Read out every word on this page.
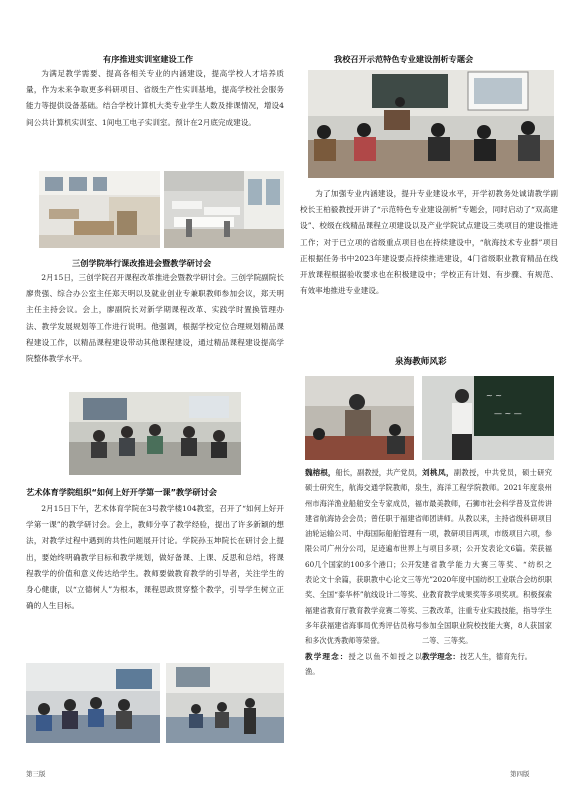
有序推进实训室建设工作
为满足教学需要、提高各相关专业的内涵建设，提高学校人才培养质量，作为未来争取更多科研项目、省级生产性实训基地，提高学校社会服务能力等提供设备基础。结合学校计算机大类专业学生人数及排课情况，增设4间公共计算机实训室、1间电工电子实训室。预计在2月底完成建设。
三创学院举行课改推进会暨教学研讨会
2月15日，三创学院召开课程改革推进会暨教学研讨会。三创学院副院长廖贵强、综合办公室主任郑天明以及就业创业专兼职教师参加会议，郑天明主任主持会议。会上，廖副院长对新学期课程改革、实践学时置换管理办法、教学发展规划等工作进行说明。他强调，根据学校定位合理规划精品课程建设工作，以精品课程建设带动其他课程建设，通过精品课程建设提高学院整体教学水平。
艺术体育学院组织“如何上好开学第一课”教学研讨会
2月15日下午，艺术体育学院在3号教学楼104教室，召开了“如何上好开学第一课”的教学研讨会。会上，教师分享了教学经验，提出了许多新颖的想法，对教学过程中遇到的共性问题展开讨论。学院孙玉坤院长在研讨会上提出，要始终明确教学目标和教学规划，做好备课、上课、反思和总结，将课程教学的价值和意义传达给学生。教师要做教育教学的引导者，关注学生的身心健康，以“立德树人”为根本，课程思政贯穿整个教学，引导学生树立正确的人生目标。
我校召开示范特色专业建设剖析专题会
为了加强专业内涵建设，提升专业建设水平，开学初教务处诚请教学副校长王柏毅教授开讲了“示范特色专业建设剖析”专题会，同时启动了“双高建设”、校级在线精品课程立项建设以及产业学院试点建设三类项目的建设推进工作；对于已立项的省级重点项目也在持续建设中，“航海技术专业群”项目正根据任务书中2023年建设要点持续推进建设，4门省级职业教育精品在线开放课程根据验收要求也在积极建设中；学校正有计划、有步骤、有规范、有效率地推进专业建设。
泉海教师风彩
~ ~
— ~ —
魏榕根，船长，副教授，共产党员，硕士研究生，航海交通学院教师，泉州市海洋渔业船舶安全专家成员，福建省航海协会会员；曾任职于福建省油轮运输公司、中海国际船舶管理有限公司广州分公司，足迹遍布世界上60几个国家的100多个港口；公开发表论文十余篇，获职教中心论文三等奖、全国“泰华杯”航线设计二等奖、福建省教育厅教育教学竞赛二等奖、多年获福建省海事局优秀评估员称号和多次优秀教师等荣誉。
教学理念：授之以鱼不如授之以渔。
刘桃凤，副教授，中共党员，硕士研究生，海洋工程学院教师。2021年度泉州市最美教师，石狮市社会科学普及宣传讲师团讲师。从教以来，主持省级科研项目一项，教研项目两项，市级项目六项，参与项目多项；公开发表论文6篇。荣获福建省教学能力大赛三等奖、“纺织之光”2020年度中国纺织工业联合会纺织职业教育教学成果奖等多项奖项。积极探索三教改革，注重专业实践技能，指导学生参加全国职业院校技能大赛，8人获国家二等、三等奖。
教学理念：技艺人生，德育先行。
第三版	第四版
